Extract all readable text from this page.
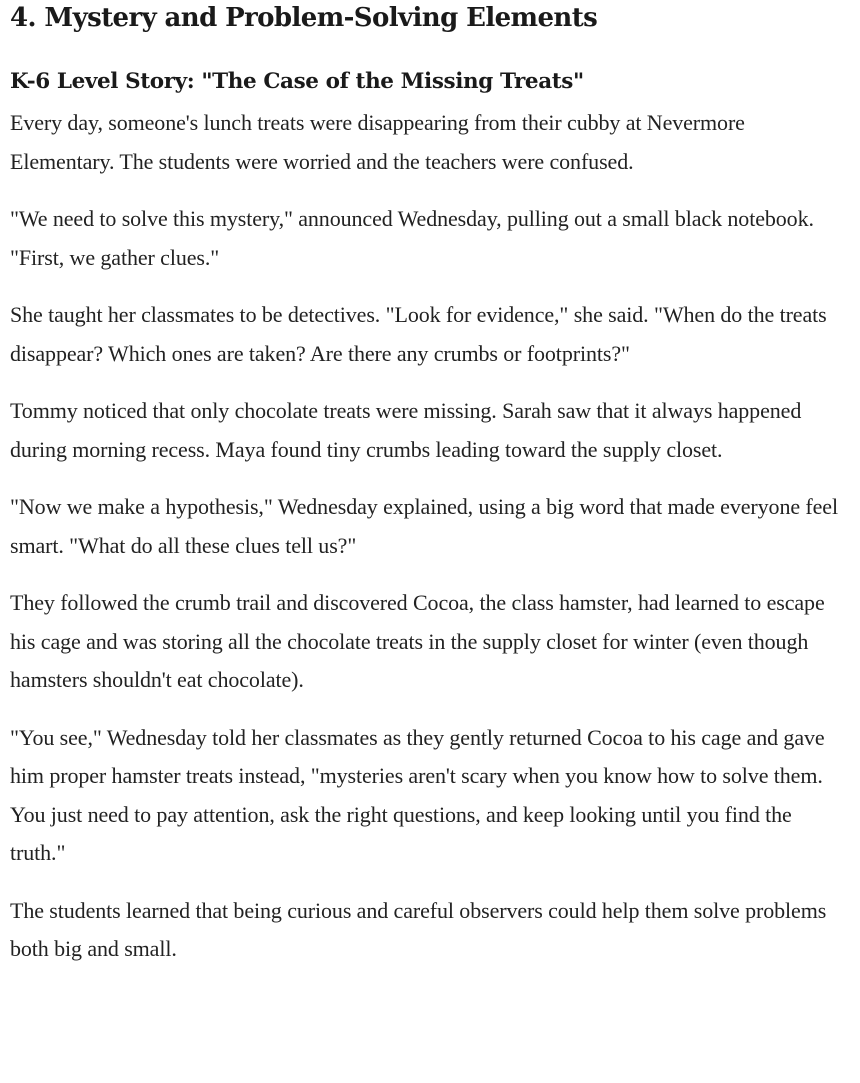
4. Mystery and Problem-Solving Elements
K-6 Level Story: "The Case of the Missing Treats"

Every day, someone's lunch treats were disappearing from their cubby at Nevermore Elementary. The students were worried and the teachers were confused.

"We need to solve this mystery," announced Wednesday, pulling out a small black notebook. "First, we gather clues."

She taught her classmates to be detectives. "Look for evidence," she said. "When do the treats disappear? Which ones are taken? Are there any crumbs or footprints?"

Tommy noticed that only chocolate treats were missing. Sarah saw that it always happened during morning recess. Maya found tiny crumbs leading toward the supply closet.

"Now we make a hypothesis," Wednesday explained, using a big word that made everyone feel smart. "What do all these clues tell us?"

They followed the crumb trail and discovered Cocoa, the class hamster, had learned to escape his cage and was storing all the chocolate treats in the supply closet for winter (even though hamsters shouldn't eat chocolate).

"You see," Wednesday told her classmates as they gently returned Cocoa to his cage and gave him proper hamster treats instead, "mysteries aren't scary when you know how to solve them. You just need to pay attention, ask the right questions, and keep looking until you find the truth."

The students learned that being curious and careful observers could help them solve problems both big and small.
